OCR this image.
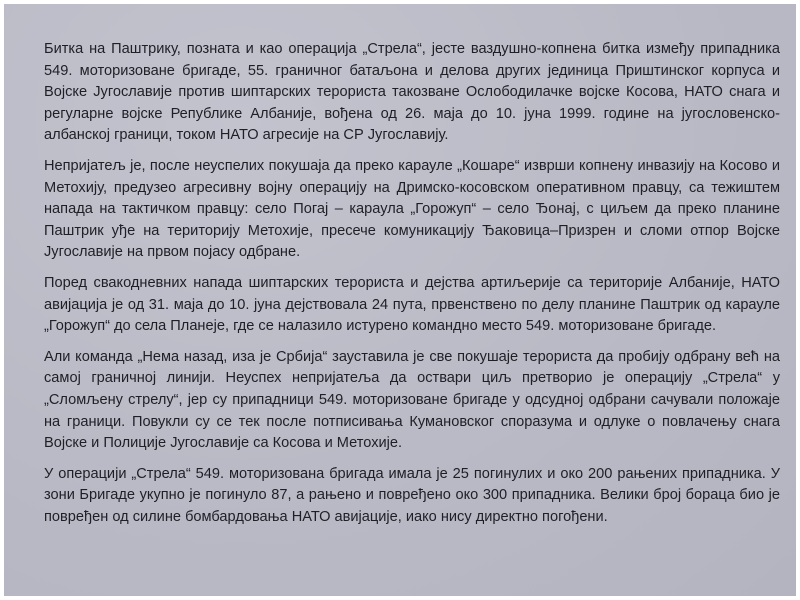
Битка на Паштрику, позната и као операција „Стрела“, јесте ваздушно-копнена битка између припадника 549. моторизоване бригаде, 55. граничног батаљона и делова других јединица Приштинског корпуса и Војске Југославије против шиптарских терориста такозване Ослободилачке војске Косова, НАТО снага и регуларне војске Републике Албаније, вођена од 26. маја до 10. јуна 1999. године на југословенско-албанској граници, током НАТО агресије на СР Југославију.

Непријатељ је, после неуспелих покушаја да преко карауле „Кошаре“ изврши копнену инвазију на Косово и Метохију, предузео агресивну војну операцију на Дримско-косовском оперативном правцу, са тежиштем напада на тактичком правцу: село Погај – караула „Горожуп“ – село Ђонај, с циљем да преко планине Паштрик уђе на територију Метохије, пресече комуникацију Ђаковица–Призрен и сломи отпор Војске Југославије на првом појасу одбране.

Поред свакодневних напада шиптарских терориста и дејства артиљерије са територије Албаније, НАТО авијација је од 31. маја до 10. јуна дејствовала 24 пута, првенствено по делу планине Паштрик од карауле „Горожуп“ до села Планеје, где се налазило истурено командно место 549. моторизоване бригаде.

Али команда „Нема назад, иза је Србија“ зауставила је све покушаје терориста да пробију одбрану већ на самој граничној линији. Неуспех непријатеља да оствари циљ претворио је операцију „Стрела“ у „Сломљену стрелу“, јер су припадници 549. моторизоване бригаде у одсудној одбрани сачували положаје на граници. Повукли су се тек после потписивања Кумановског споразума и одлуке о повлачењу снага Војске и Полиције Југославије са Косова и Метохије.

У операцији „Стрела“ 549. моторизована бригада имала је 25 погинулих и око 200 рањених припадника. У зони Бригаде укупно је погинуло 87, а рањено и повређено око 300 припадника. Велики број бораца био је повређен од силине бомбардовања НАТО авијације, иако нису директно погођени.
